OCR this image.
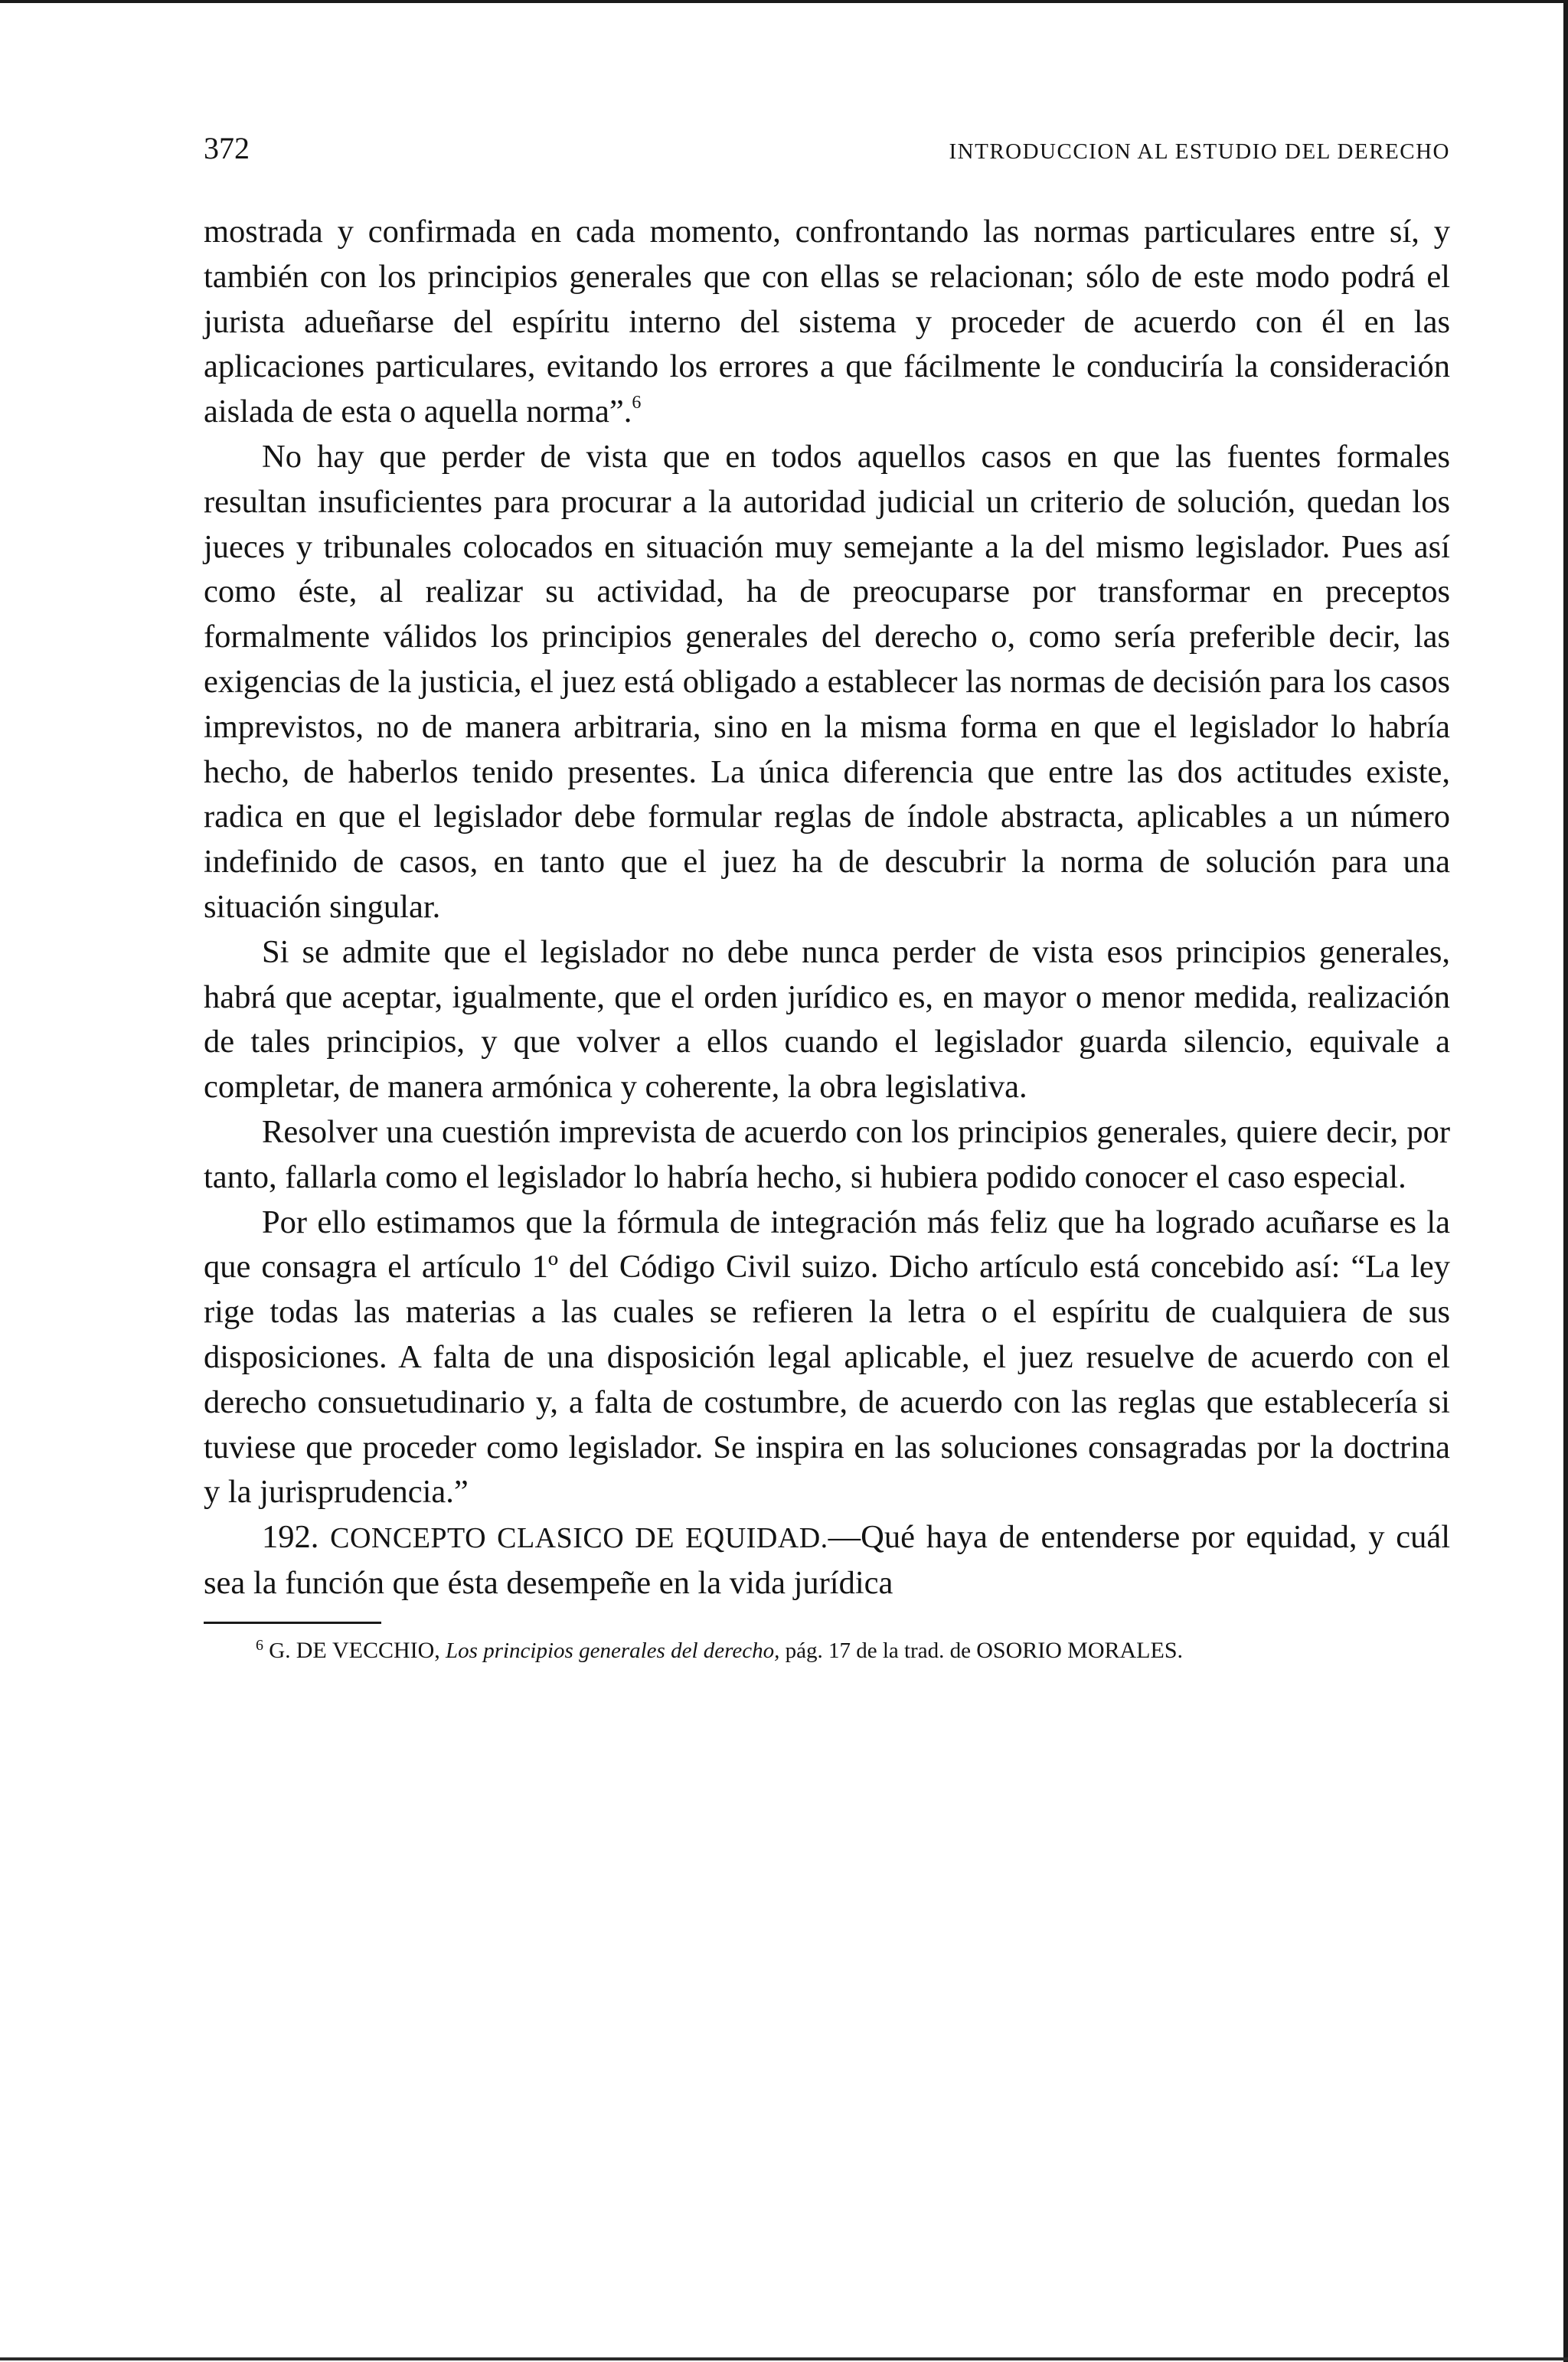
372	INTRODUCCION AL ESTUDIO DEL DERECHO

mostrada y confirmada en cada momento, confrontando las normas particulares entre sí, y también con los principios generales que con ellas se relacionan; sólo de este modo podrá el jurista adueñarse del espíritu interno del sistema y proceder de acuerdo con él en las aplicaciones particulares, evitando los errores a que fácilmente le conduciría la consideración aislada de esta o aquella norma”.$^6$

No hay que perder de vista que en todos aquellos casos en que las fuentes formales resultan insuficientes para procurar a la autoridad judicial un criterio de solución, quedan los jueces y tribunales colocados en situación muy semejante a la del mismo legislador. Pues así como éste, al realizar su actividad, ha de preocuparse por transformar en preceptos formalmente válidos los principios generales del derecho o, como sería preferible decir, las exigencias de la justicia, el juez está obligado a establecer las normas de decisión para los casos imprevistos, no de manera arbitraria, sino en la misma forma en que el legislador lo habría hecho, de haberlos tenido presentes. La única diferencia que entre las dos actitudes existe, radica en que el legislador debe formular reglas de índole abstracta, aplicables a un número indefinido de casos, en tanto que el juez ha de descubrir la norma de solución para una situación singular.

Si se admite que el legislador no debe nunca perder de vista esos principios generales, habrá que aceptar, igualmente, que el orden jurídico es, en mayor o menor medida, realización de tales principios, y que volver a ellos cuando el legislador guarda silencio, equivale a completar, de manera armónica y coherente, la obra legislativa.

Resolver una cuestión imprevista de acuerdo con los principios generales, quiere decir, por tanto, fallarla como el legislador lo habría hecho, si hubiera podido conocer el caso especial.

Por ello estimamos que la fórmula de integración más feliz que ha logrado acuñarse es la que consagra el artículo 1º del Código Civil suizo. Dicho artículo está concebido así: “La ley rige todas las materias a las cuales se refieren la letra o el espíritu de cualquiera de sus disposiciones. A falta de una disposición legal aplicable, el juez resuelve de acuerdo con el derecho consuetudinario y, a falta de costumbre, de acuerdo con las reglas que establecería si tuviese que proceder como legislador. Se inspira en las soluciones consagradas por la doctrina y la jurisprudencia.”

192. CONCEPTO CLASICO DE EQUIDAD.—Qué haya de entenderse por equidad, y cuál sea la función que ésta desempeñe en la vida jurídica

$^6$ G. DE VECCHIO, Los principios generales del derecho, pág. 17 de la trad. de OSORIO MORALES.
